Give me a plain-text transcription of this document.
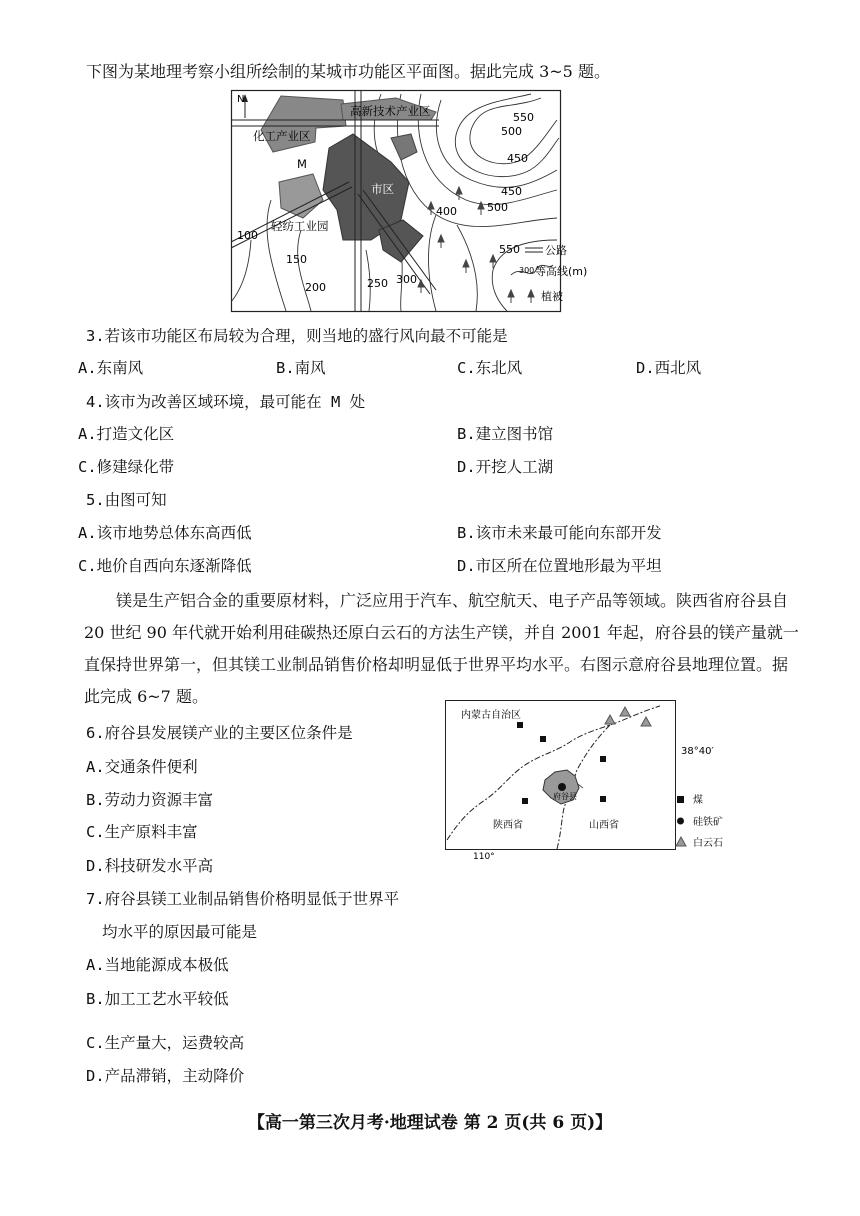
下图为某地理考察小组所绘制的某城市功能区平面图。据此完成 3~5 题。
N
高新技术产业区
化工产业区
M
市区
轻纺工业园
550
500
450
450
500
550
400
100
150
200	250 300
公路
300 等高线(m)
植被
3.若该市功能区布局较为合理，则当地的盛行风向最不可能是
A.东南风	B.南风	C.东北风	D.西北风
4.该市为改善区域环境，最可能在 M 处
A.打造文化区	B.建立图书馆
C.修建绿化带	D.开挖人工湖
5.由图可知
A.该市地势总体东高西低	B.该市未来最可能向东部开发
C.地价自西向东逐渐降低	D.市区所在位置地形最为平坦
镁是生产铝合金的重要原材料，广泛应用于汽车、航空航天、电子产品等领域。陕西省府谷县自 20 世纪 90 年代就开始利用硅碳热还原白云石的方法生产镁，并自 2001 年起，府谷县的镁产量就一直保持世界第一，但其镁工业制品销售价格却明显低于世界平均水平。右图示意府谷县地理位置。据此完成 6~7 题。
府谷县
内蒙古自治区
陕西省	山西省
38°40′
110°
煤
硅铁矿
白云石
6.府谷县发展镁产业的主要区位条件是
A.交通条件便利
B.劳动力资源丰富
C.生产原料丰富
D.科技研发水平高
7.府谷县镁工业制品销售价格明显低于世界平
均水平的原因最可能是
A.当地能源成本极低
B.加工工艺水平较低
C.生产量大，运费较高
D.产品滞销，主动降价
【高一第三次月考·地理试卷 第 2 页(共 6 页)】
